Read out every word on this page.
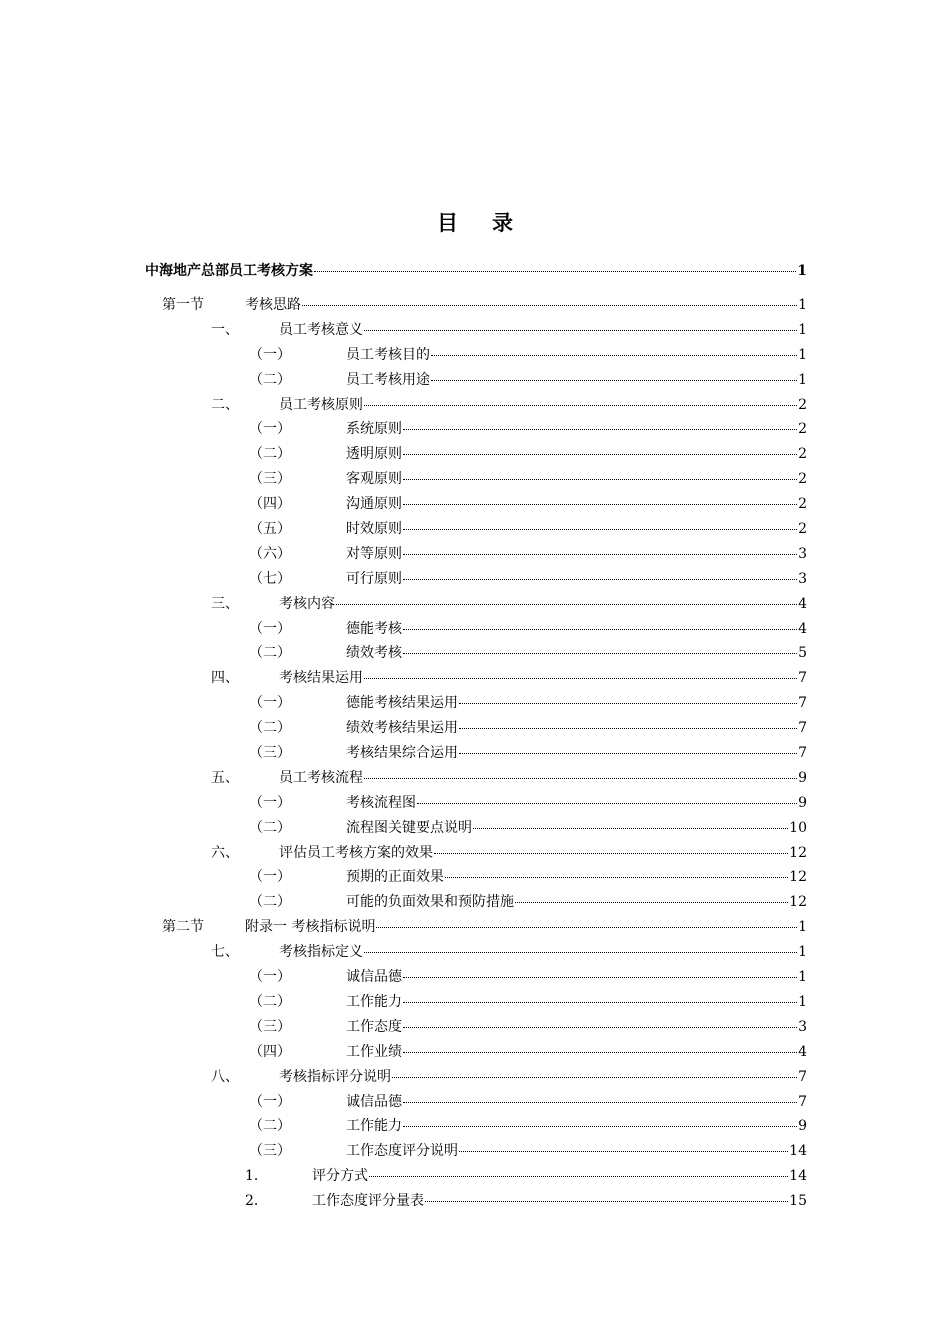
目录
中海地产总部员工考核方案	1
第一节	考核思路	1
一、	员工考核意义	1
（一）	员工考核目的	1
（二）	员工考核用途	1
二、	员工考核原则	2
（一）	系统原则	2
（二）	透明原则	2
（三）	客观原则	2
（四）	沟通原则	2
（五）	时效原则	2
（六）	对等原则	3
（七）	可行原则	3
三、	考核内容	4
（一）	德能考核	4
（二）	绩效考核	5
四、	考核结果运用	7
（一）	德能考核结果运用	7
（二）	绩效考核结果运用	7
（三）	考核结果综合运用	7
五、	员工考核流程	9
（一）	考核流程图	9
（二）	流程图关键要点说明	10
六、	评估员工考核方案的效果	12
（一）	预期的正面效果	12
（二）	可能的负面效果和预防措施	12
第二节	附录一 考核指标说明	1
七、	考核指标定义	1
（一）	诚信品德	1
（二）	工作能力	1
（三）	工作态度	3
（四）	工作业绩	4
八、	考核指标评分说明	7
（一）	诚信品德	7
（二）	工作能力	9
（三）	工作态度评分说明	14
1．	评分方式	14
2．	工作态度评分量表	15
